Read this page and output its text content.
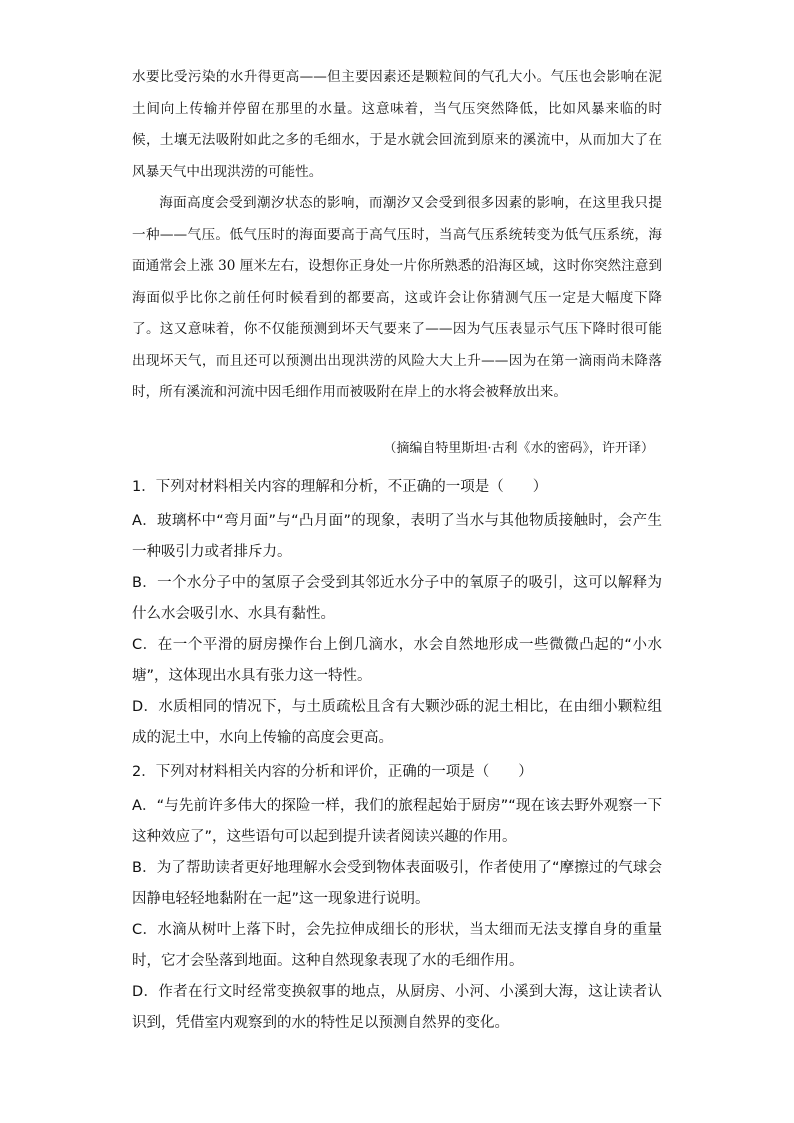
水要比受污染的水升得更高——但主要因素还是颗粒间的气孔大小。气压也会影响在泥土间向上传输并停留在那里的水量。这意味着，当气压突然降低，比如风暴来临的时候，土壤无法吸附如此之多的毛细水，于是水就会回流到原来的溪流中，从而加大了在风暴天气中出现洪涝的可能性。

海面高度会受到潮汐状态的影响，而潮汐又会受到很多因素的影响，在这里我只提一种——气压。低气压时的海面要高于高气压时，当高气压系统转变为低气压系统，海面通常会上涨 30 厘米左右，设想你正身处一片你所熟悉的沿海区域，这时你突然注意到海面似乎比你之前任何时候看到的都要高，这或许会让你猜测气压一定是大幅度下降了。这又意味着，你不仅能预测到坏天气要来了——因为气压表显示气压下降时很可能出现坏天气，而且还可以预测出出现洪涝的风险大大上升——因为在第一滴雨尚未降落时，所有溪流和河流中因毛细作用而被吸附在岸上的水将会被释放出来。

（摘编自特里斯坦·古利《水的密码》，许开译）

1．下列对材料相关内容的理解和分析，不正确的一项是（　　）

A．玻璃杯中“弯月面”与“凸月面”的现象，表明了当水与其他物质接触时，会产生一种吸引力或者排斥力。

B．一个水分子中的氢原子会受到其邻近水分子中的氧原子的吸引，这可以解释为什么水会吸引水、水具有黏性。

C．在一个平滑的厨房操作台上倒几滴水，水会自然地形成一些微微凸起的“小水塘”，这体现出水具有张力这一特性。

D．水质相同的情况下，与土质疏松且含有大颗沙砾的泥土相比，在由细小颗粒组成的泥土中，水向上传输的高度会更高。

2．下列对材料相关内容的分析和评价，正确的一项是（　　）

A．“与先前许多伟大的探险一样，我们的旅程起始于厨房”“现在该去野外观察一下这种效应了”，这些语句可以起到提升读者阅读兴趣的作用。

B．为了帮助读者更好地理解水会受到物体表面吸引，作者使用了“摩擦过的气球会因静电轻轻地黏附在一起”这一现象进行说明。

C．水滴从树叶上落下时，会先拉伸成细长的形状，当太细而无法支撑自身的重量时，它才会坠落到地面。这种自然现象表现了水的毛细作用。

D．作者在行文时经常变换叙事的地点，从厨房、小河、小溪到大海，这让读者认识到，凭借室内观察到的水的特性足以预测自然界的变化。
